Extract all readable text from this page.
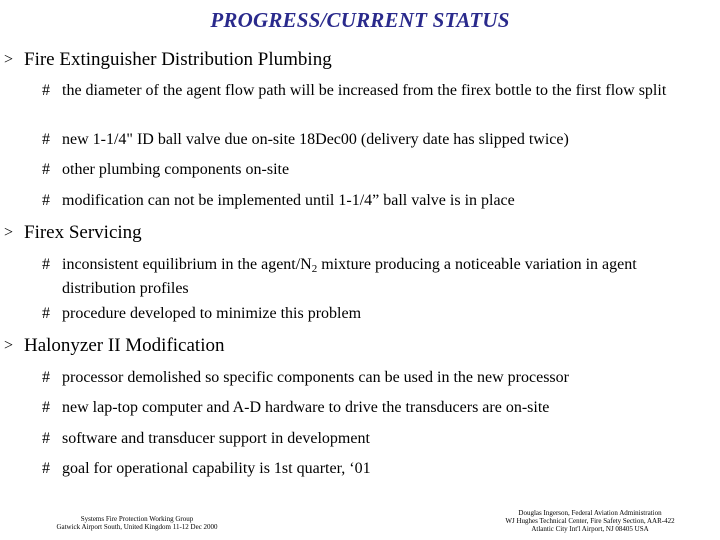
PROGRESS/CURRENT STATUS
> Fire Extinguisher Distribution Plumbing
# the diameter of the agent flow path will be increased from the firex bottle to the first flow split
# new 1-1/4" ID ball valve due on-site 18Dec00 (delivery date has slipped twice)
# other plumbing components on-site
# modification can not be implemented until 1-1/4” ball valve is in place
> Firex Servicing
# inconsistent equilibrium in the agent/$N_2$ mixture producing a noticeable variation in agent distribution profiles
# procedure developed to minimize this problem
> Halonyzer II Modification
# processor demolished so specific components can be used in the new processor
# new lap-top computer and A-D hardware to drive the transducers are on-site
# software and transducer support in development
# goal for operational capability is 1st quarter, ‘01
Systems Fire Protection Working Group
Gatwick Airport South, United Kingdom 11-12 Dec 2000
Douglas Ingerson, Federal Aviation Administration
WJ Hughes Technical Center, Fire Safety Section, AAR-422
Atlantic City Int'l Airport, NJ 08405 USA
